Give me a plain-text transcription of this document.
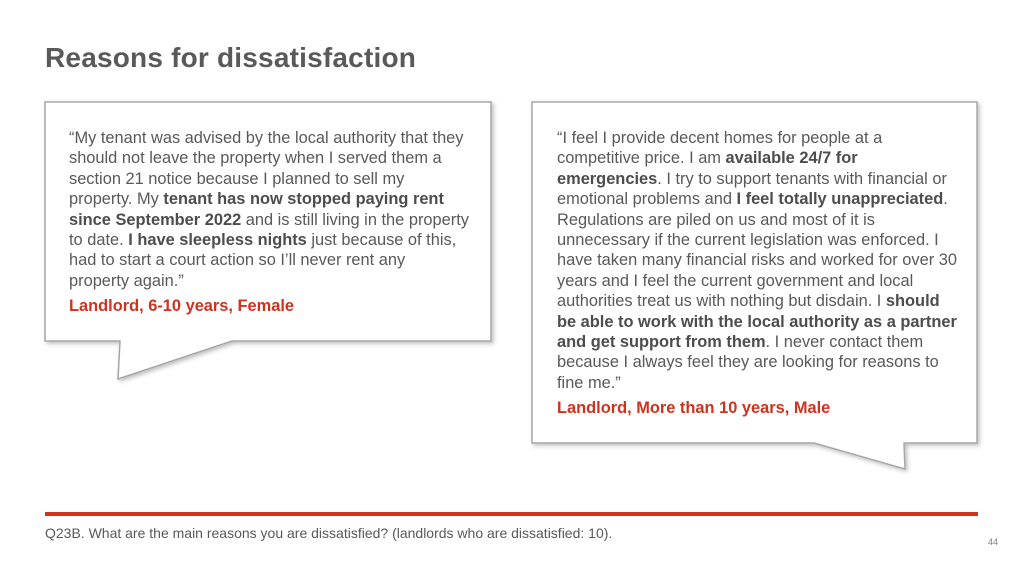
Reasons for dissatisfaction
“My tenant was advised by the local authority that they should not leave the property when I served them a section 21 notice because I planned to sell my property. My tenant has now stopped paying rent since September 2022 and is still living in the property to date. I have sleepless nights just because of this, had to start a court action so I’ll never rent any property again.”
Landlord, 6-10 years, Female
“I feel I provide decent homes for people at a competitive price. I am available 24/7 for emergencies. I try to support tenants with financial or emotional problems and I feel totally unappreciated. Regulations are piled on us and most of it is unnecessary if the current legislation was enforced. I have taken many financial risks and worked for over 30 years and I feel the current government and local authorities treat us with nothing but disdain. I should be able to work with the local authority as a partner and get support from them. I never contact them because I always feel they are looking for reasons to fine me.”
Landlord, More than 10 years, Male
Q23B. What are the main reasons you are dissatisfied? (landlords who are dissatisfied: 10).
44
